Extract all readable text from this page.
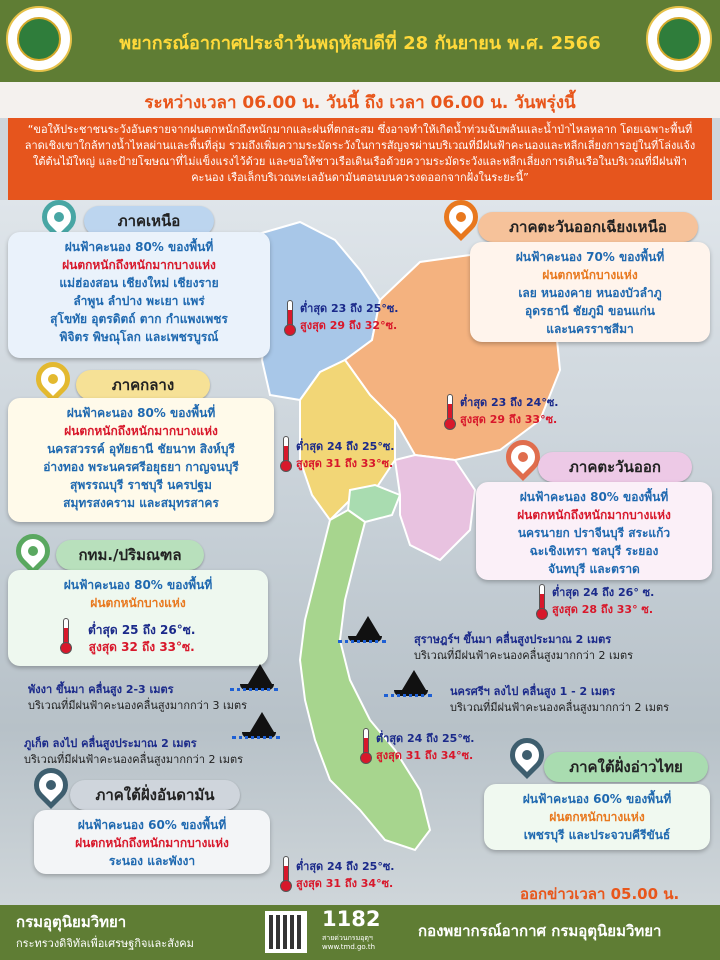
พยากรณ์อากาศประจำวันพฤหัสบดีที่ 28 กันยายน พ.ศ. 2566
ระหว่างเวลา 06.00 น. วันนี้ ถึง เวลา 06.00 น. วันพรุ่งนี้
“ขอให้ประชาชนระวังอันตรายจากฝนตกหนักถึงหนักมากและฝนที่ตกสะสม ซึ่งอาจทำให้เกิดน้ำท่วมฉับพลันและน้ำป่าไหลหลาก โดยเฉพาะพื้นที่ลาดเชิงเขาใกล้ทางน้ำไหลผ่านและพื้นที่ลุ่ม รวมถึงเพิ่มความระมัดระวังในการสัญจรผ่านบริเวณที่มีฝนฟ้าคะนองและหลีกเลี่ยงการอยู่ในที่โล่งแจ้ง ใต้ต้นไม้ใหญ่ และป้ายโฆษณาที่ไม่แข็งแรงไว้ด้วย และขอให้ชาวเรือเดินเรือด้วยความระมัดระวังและหลีกเลี่ยงการเดินเรือในบริเวณที่มีฝนฟ้าคะนอง เรือเล็กบริเวณทะเลอันดามันตอนบนควรงดออกจากฝั่งในระยะนี้”
ภาคเหนือ
ฝนฟ้าคะนอง 80% ของพื้นที่
ฝนตกหนักถึงหนักมากบางแห่ง
แม่ฮ่องสอน เชียงใหม่ เชียงราย
ลำพูน ลำปาง พะเยา แพร่
สุโขทัย อุตรดิตถ์ ตาก กำแพงเพชร
พิจิตร พิษณุโลก และเพชรบูรณ์
ต่ำสุด 23 ถึง 25°ซ.
สูงสุด 29 ถึง 32°ซ.
ภาคตะวันออกเฉียงเหนือ
ฝนฟ้าคะนอง 70% ของพื้นที่
ฝนตกหนักบางแห่ง
เลย หนองคาย หนองบัวลำภู
อุดรธานี ชัยภูมิ ขอนแก่น
และนครราชสีมา
ต่ำสุด 23 ถึง 24°ซ.
สูงสุด 29 ถึง 33°ซ.
ภาคกลาง
ฝนฟ้าคะนอง 80% ของพื้นที่
ฝนตกหนักถึงหนักมากบางแห่ง
นครสวรรค์ อุทัยธานี ชัยนาท สิงห์บุรี
อ่างทอง พระนครศรีอยุธยา กาญจนบุรี
สุพรรณบุรี ราชบุรี นครปฐม
สมุทรสงคราม และสมุทรสาคร
ต่ำสุด 24 ถึง 25°ซ.
สูงสุด 31 ถึง 33°ซ.	ภาคตะวันออก
ฝนฟ้าคะนอง 80% ของพื้นที่
ฝนตกหนักถึงหนักมากบางแห่ง
นครนายก ปราจีนบุรี สระแก้ว
ฉะเชิงเทรา ชลบุรี ระยอง
จันทบุรี และตราด
ต่ำสุด 24 ถึง 26° ซ.
สูงสุด 28 ถึง 33° ซ.
กทม./ปริมณฑล
ฝนฟ้าคะนอง 80% ของพื้นที่
ฝนตกหนักบางแห่ง
ต่ำสุด 25 ถึง 26°ซ.
สูงสุด 32 ถึง 33°ซ.
สุราษฎร์ฯ ขึ้นมา คลื่นสูงประมาณ 2 เมตร
บริเวณที่มีฝนฟ้าคะนองคลื่นสูงมากกว่า 2 เมตร
พังงา ขึ้นมา คลื่นสูง 2-3 เมตร
บริเวณที่มีฝนฟ้าคะนองคลื่นสูงมากกว่า 3 เมตร
นครศรีฯ ลงไป คลื่นสูง 1 - 2 เมตร
บริเวณที่มีฝนฟ้าคะนองคลื่นสูงมากกว่า 2 เมตร
ภูเก็ต ลงไป คลื่นสูงประมาณ 2 เมตร
บริเวณที่มีฝนฟ้าคะนองคลื่นสูงมากกว่า 2 เมตร
ต่ำสุด 24 ถึง 25°ซ.
สูงสุด 31 ถึง 34°ซ.
ภาคใต้ฝั่งอ่าวไทย
ฝนฟ้าคะนอง 60% ของพื้นที่
ฝนตกหนักบางแห่ง
เพชรบุรี และประจวบคีรีขันธ์
ภาคใต้ฝั่งอันดามัน
ฝนฟ้าคะนอง 60% ของพื้นที่
ฝนตกหนักถึงหนักมากบางแห่ง
ระนอง และพังงา	ต่ำสุด 24 ถึง 25°ซ.
สูงสุด 31 ถึง 34°ซ.
ออกข่าวเวลา 05.00 น.
กรมอุตุนิยมวิทยา
กระทรวงดิจิทัลเพื่อเศรษฐกิจและสังคม
1182
สายด่วนกรมอุตุฯ
www.tmd.go.th
กองพยากรณ์อากาศ กรมอุตุนิยมวิทยา
